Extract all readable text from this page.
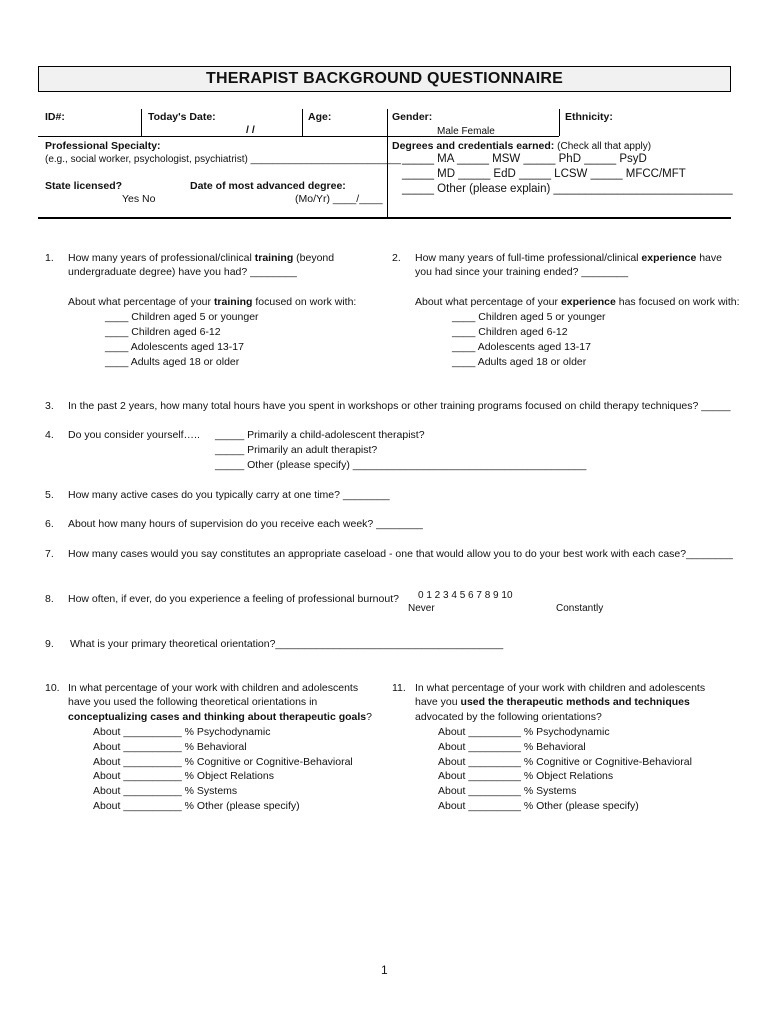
THERAPIST BACKGROUND QUESTIONNAIRE
ID#:	Today's Date:
/ /
Age:	Gender:
Male Female
Ethnicity:
Professional Specialty:
(e.g., social worker, psychologist, psychiatrist) ___________________________
Degrees and credentials earned: (Check all that apply)
_____ MA _____ MSW _____ PhD _____ PsyD
_____ MD _____ EdD _____ LCSW _____ MFCC/MFT
_____ Other (please explain) ____________________________
State licensed?
Yes No
Date of most advanced degree:
(Mo/Yr) ____/____
1. How many years of professional/clinical training (beyond
undergraduate degree) have you had? ________
About what percentage of your training focused on work with:
____ Children aged 5 or younger
____ Children aged 6-12
____ Adolescents aged 13-17
____ Adults aged 18 or older
2. How many years of full-time professional/clinical experience have
you had since your training ended? ________
About what percentage of your experience has focused on work with:
____ Children aged 5 or younger
____ Children aged 6-12
____ Adolescents aged 13-17
____ Adults aged 18 or older
3. In the past 2 years, how many total hours have you spent in workshops or other training programs focused on child therapy techniques? _____
4. Do you consider yourself….. _____ Primarily a child-adolescent therapist?
_____ Primarily an adult therapist?
_____ Other (please specify) ________________________________________
5. How many active cases do you typically carry at one time? ________
6. About how many hours of supervision do you receive each week? ________
7. How many cases would you say constitutes an appropriate caseload - one that would allow you to do your best work with each case?________
8. How often, if ever, do you experience a feeling of professional burnout? 0 1 2 3 4 5 6 7 8 9 10
Never	Constantly
9. What is your primary theoretical orientation?_______________________________________
10. In what percentage of your work with children and adolescents
have you used the following theoretical orientations in
conceptualizing cases and thinking about therapeutic goals?
About __________ % Psychodynamic
About __________ % Behavioral
About __________ % Cognitive or Cognitive-Behavioral
About __________ % Object Relations
About __________ % Systems
About __________ % Other (please specify)
11. In what percentage of your work with children and adolescents
have you used the therapeutic methods and techniques
advocated by the following orientations?
About _________ % Psychodynamic
About _________ % Behavioral
About _________ % Cognitive or Cognitive-Behavioral
About _________ % Object Relations
About _________ % Systems
About _________ % Other (please specify)
1
